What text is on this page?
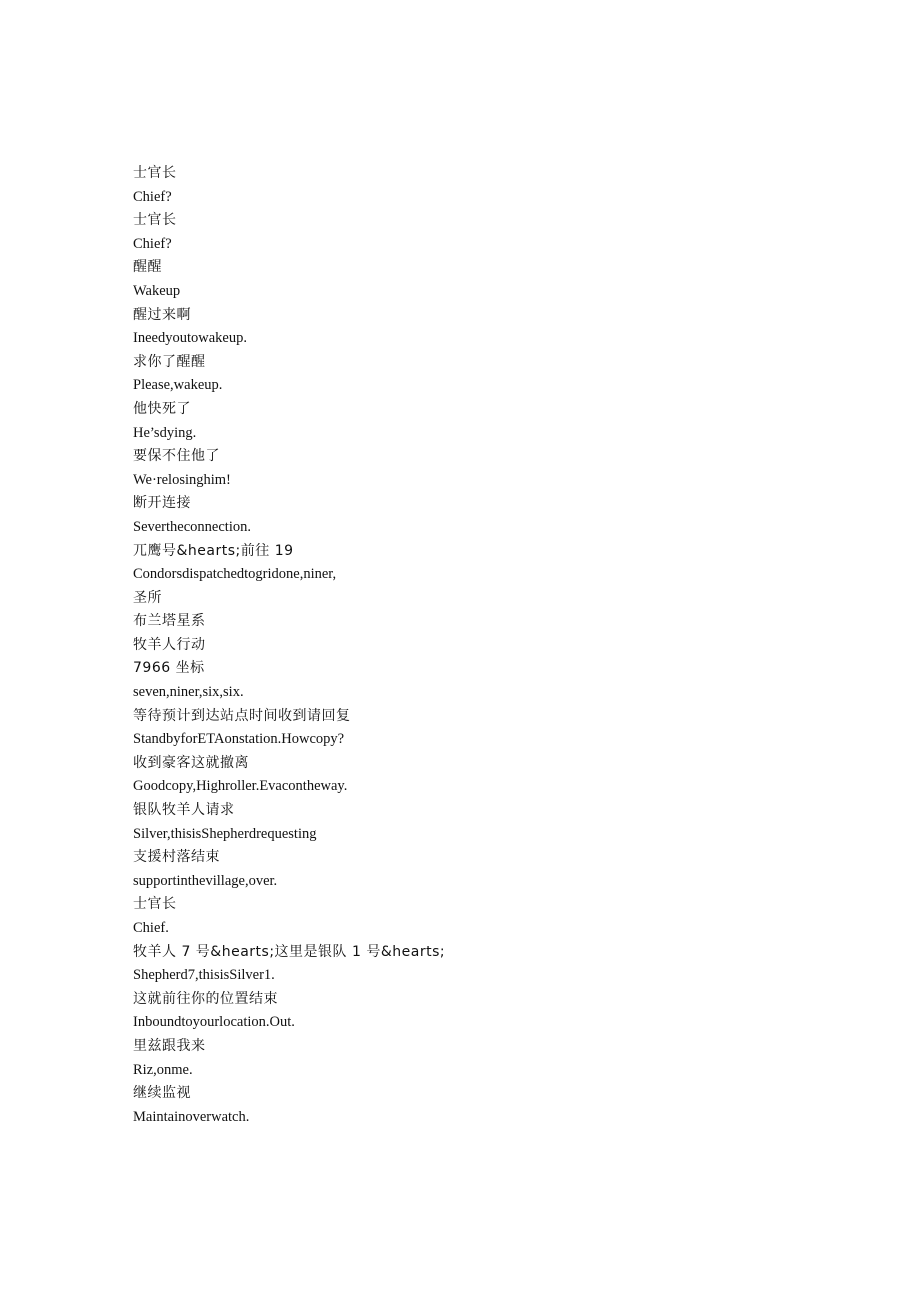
士官长
Chief?
士官长
Chief?
醒醒
Wakeup
醒过来啊
Ineedyoutowakeup.
求你了醒醒
Please,wakeup.
他快死了
He’sdying.
要保不住他了
We·relosinghim!
断开连接
Severtheconnection.
兀鹰号&hearts;前往 19
Condorsdispatchedtogridone,niner,
圣所
布兰塔星系
牧羊人行动
7966 坐标
seven,niner,six,six.
等待预计到达站点时间收到请回复
StandbyforETAonstation.Howcopy?
收到豪客这就撤离
Goodcopy,Highroller.Evacontheway.
银队牧羊人请求
Silver,thisisShepherdrequesting
支援村落结束
supportinthevillage,over.
士官长
Chief.
牧羊人 7 号&hearts;这里是银队 1 号&hearts;
Shepherd7,thisisSilver1.
这就前往你的位置结束
Inboundtoyourlocation.Out.
里兹跟我来
Riz,onme.
继续监视
Maintainoverwatch.
